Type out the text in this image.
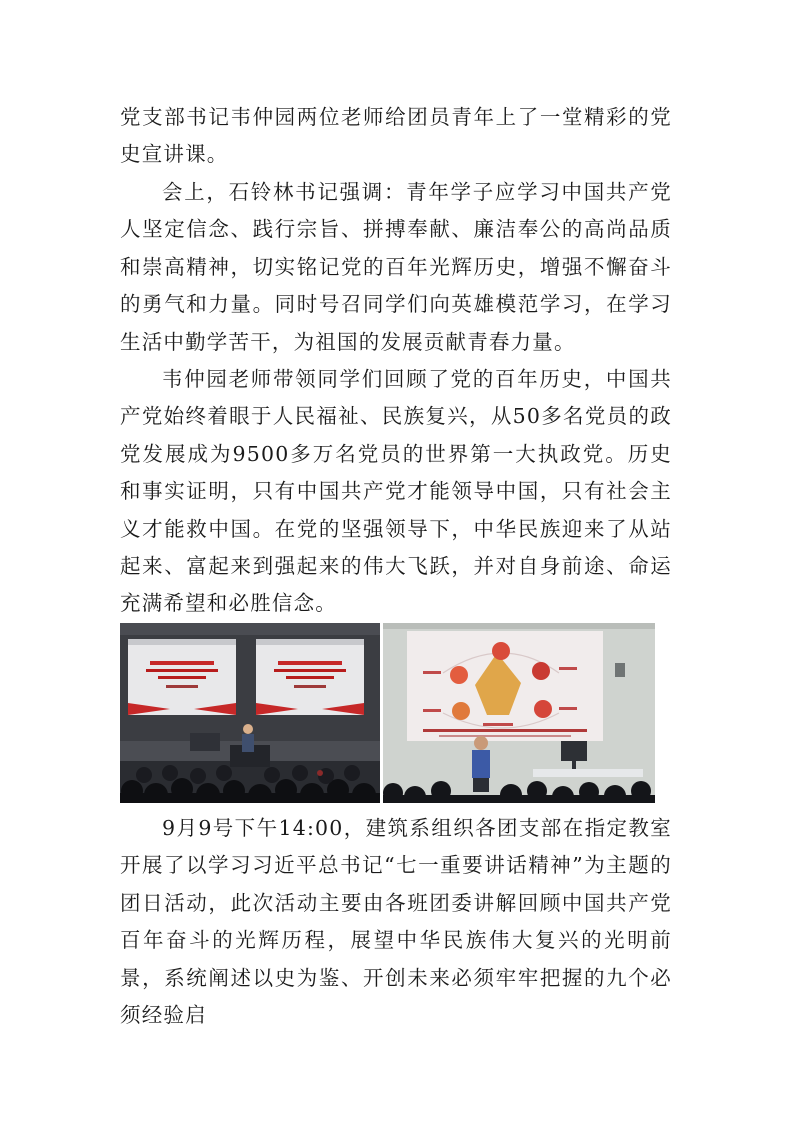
党支部书记韦仲园两位老师给团员青年上了一堂精彩的党史宣讲课。

会上，石铃林书记强调：青年学子应学习中国共产党人坚定信念、践行宗旨、拼搏奉献、廉洁奉公的高尚品质和崇高精神，切实铭记党的百年光辉历史，增强不懈奋斗的勇气和力量。同时号召同学们向英雄模范学习，在学习生活中勤学苦干，为祖国的发展贡献青春力量。

韦仲园老师带领同学们回顾了党的百年历史，中国共产党始终着眼于人民福祉、民族复兴，从50多名党员的政党发展成为9500多万名党员的世界第一大执政党。历史和事实证明，只有中国共产党才能领导中国，只有社会主义才能救中国。在党的坚强领导下，中华民族迎来了从站起来、富起来到强起来的伟大飞跃，并对自身前途、命运充满希望和必胜信念。

9月9号下午14:00，建筑系组织各团支部在指定教室开展了以学习习近平总书记“七一重要讲话精神”为主题的团日活动，此次活动主要由各班团委讲解回顾中国共产党百年奋斗的光辉历程，展望中华民族伟大复兴的光明前景，系统阐述以史为鉴、开创未来必须牢牢把握的九个必须经验启
